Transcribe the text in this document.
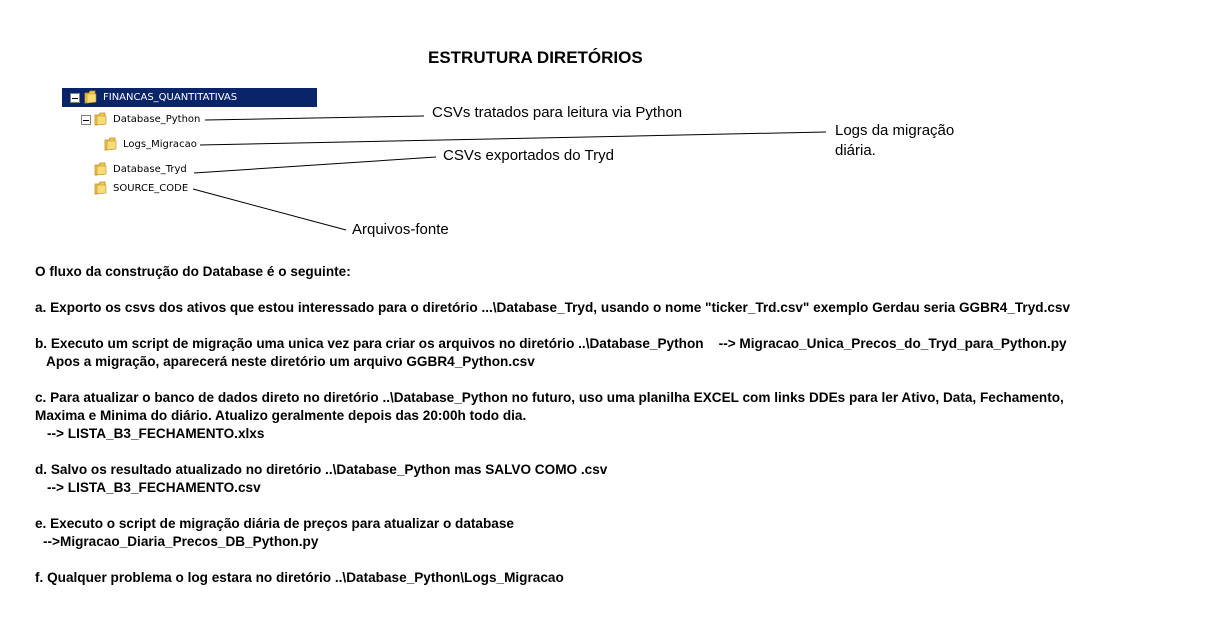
ESTRUTURA DIRETÓRIOS
FINANCAS_QUANTITATIVAS
Database_Python
Logs_Migracao
Database_Tryd
SOURCE_CODE
CSVs tratados para leitura via Python
Logs da migração
diária.
CSVs exportados do Tryd
Arquivos-fonte
O fluxo da construção do Database é o seguinte:
a. Exporto os csvs dos ativos que estou interessado para o diretório ...\Database_Tryd, usando o nome "ticker_Trd.csv" exemplo Gerdau seria GGBR4_Tryd.csv
b. Executo um script de migração uma unica vez para criar os arquivos no diretório ..\Database_Python    --> Migracao_Unica_Precos_do_Tryd_para_Python.py
Apos a migração, aparecerá neste diretório um arquivo GGBR4_Python.csv
c. Para atualizar o banco de dados direto no diretório ..\Database_Python no futuro, uso uma planilha EXCEL com links DDEs para ler Ativo, Data, Fechamento,
Maxima e Minima do diário. Atualizo geralmente depois das 20:00h todo dia.
--> LISTA_B3_FECHAMENTO.xlxs
d. Salvo os resultado atualizado no diretório ..\Database_Python mas SALVO COMO .csv
--> LISTA_B3_FECHAMENTO.csv
e. Executo o script de migração diária de preços para atualizar o database
-->Migracao_Diaria_Precos_DB_Python.py
f. Qualquer problema o log estara no diretório ..\Database_Python\Logs_Migracao
